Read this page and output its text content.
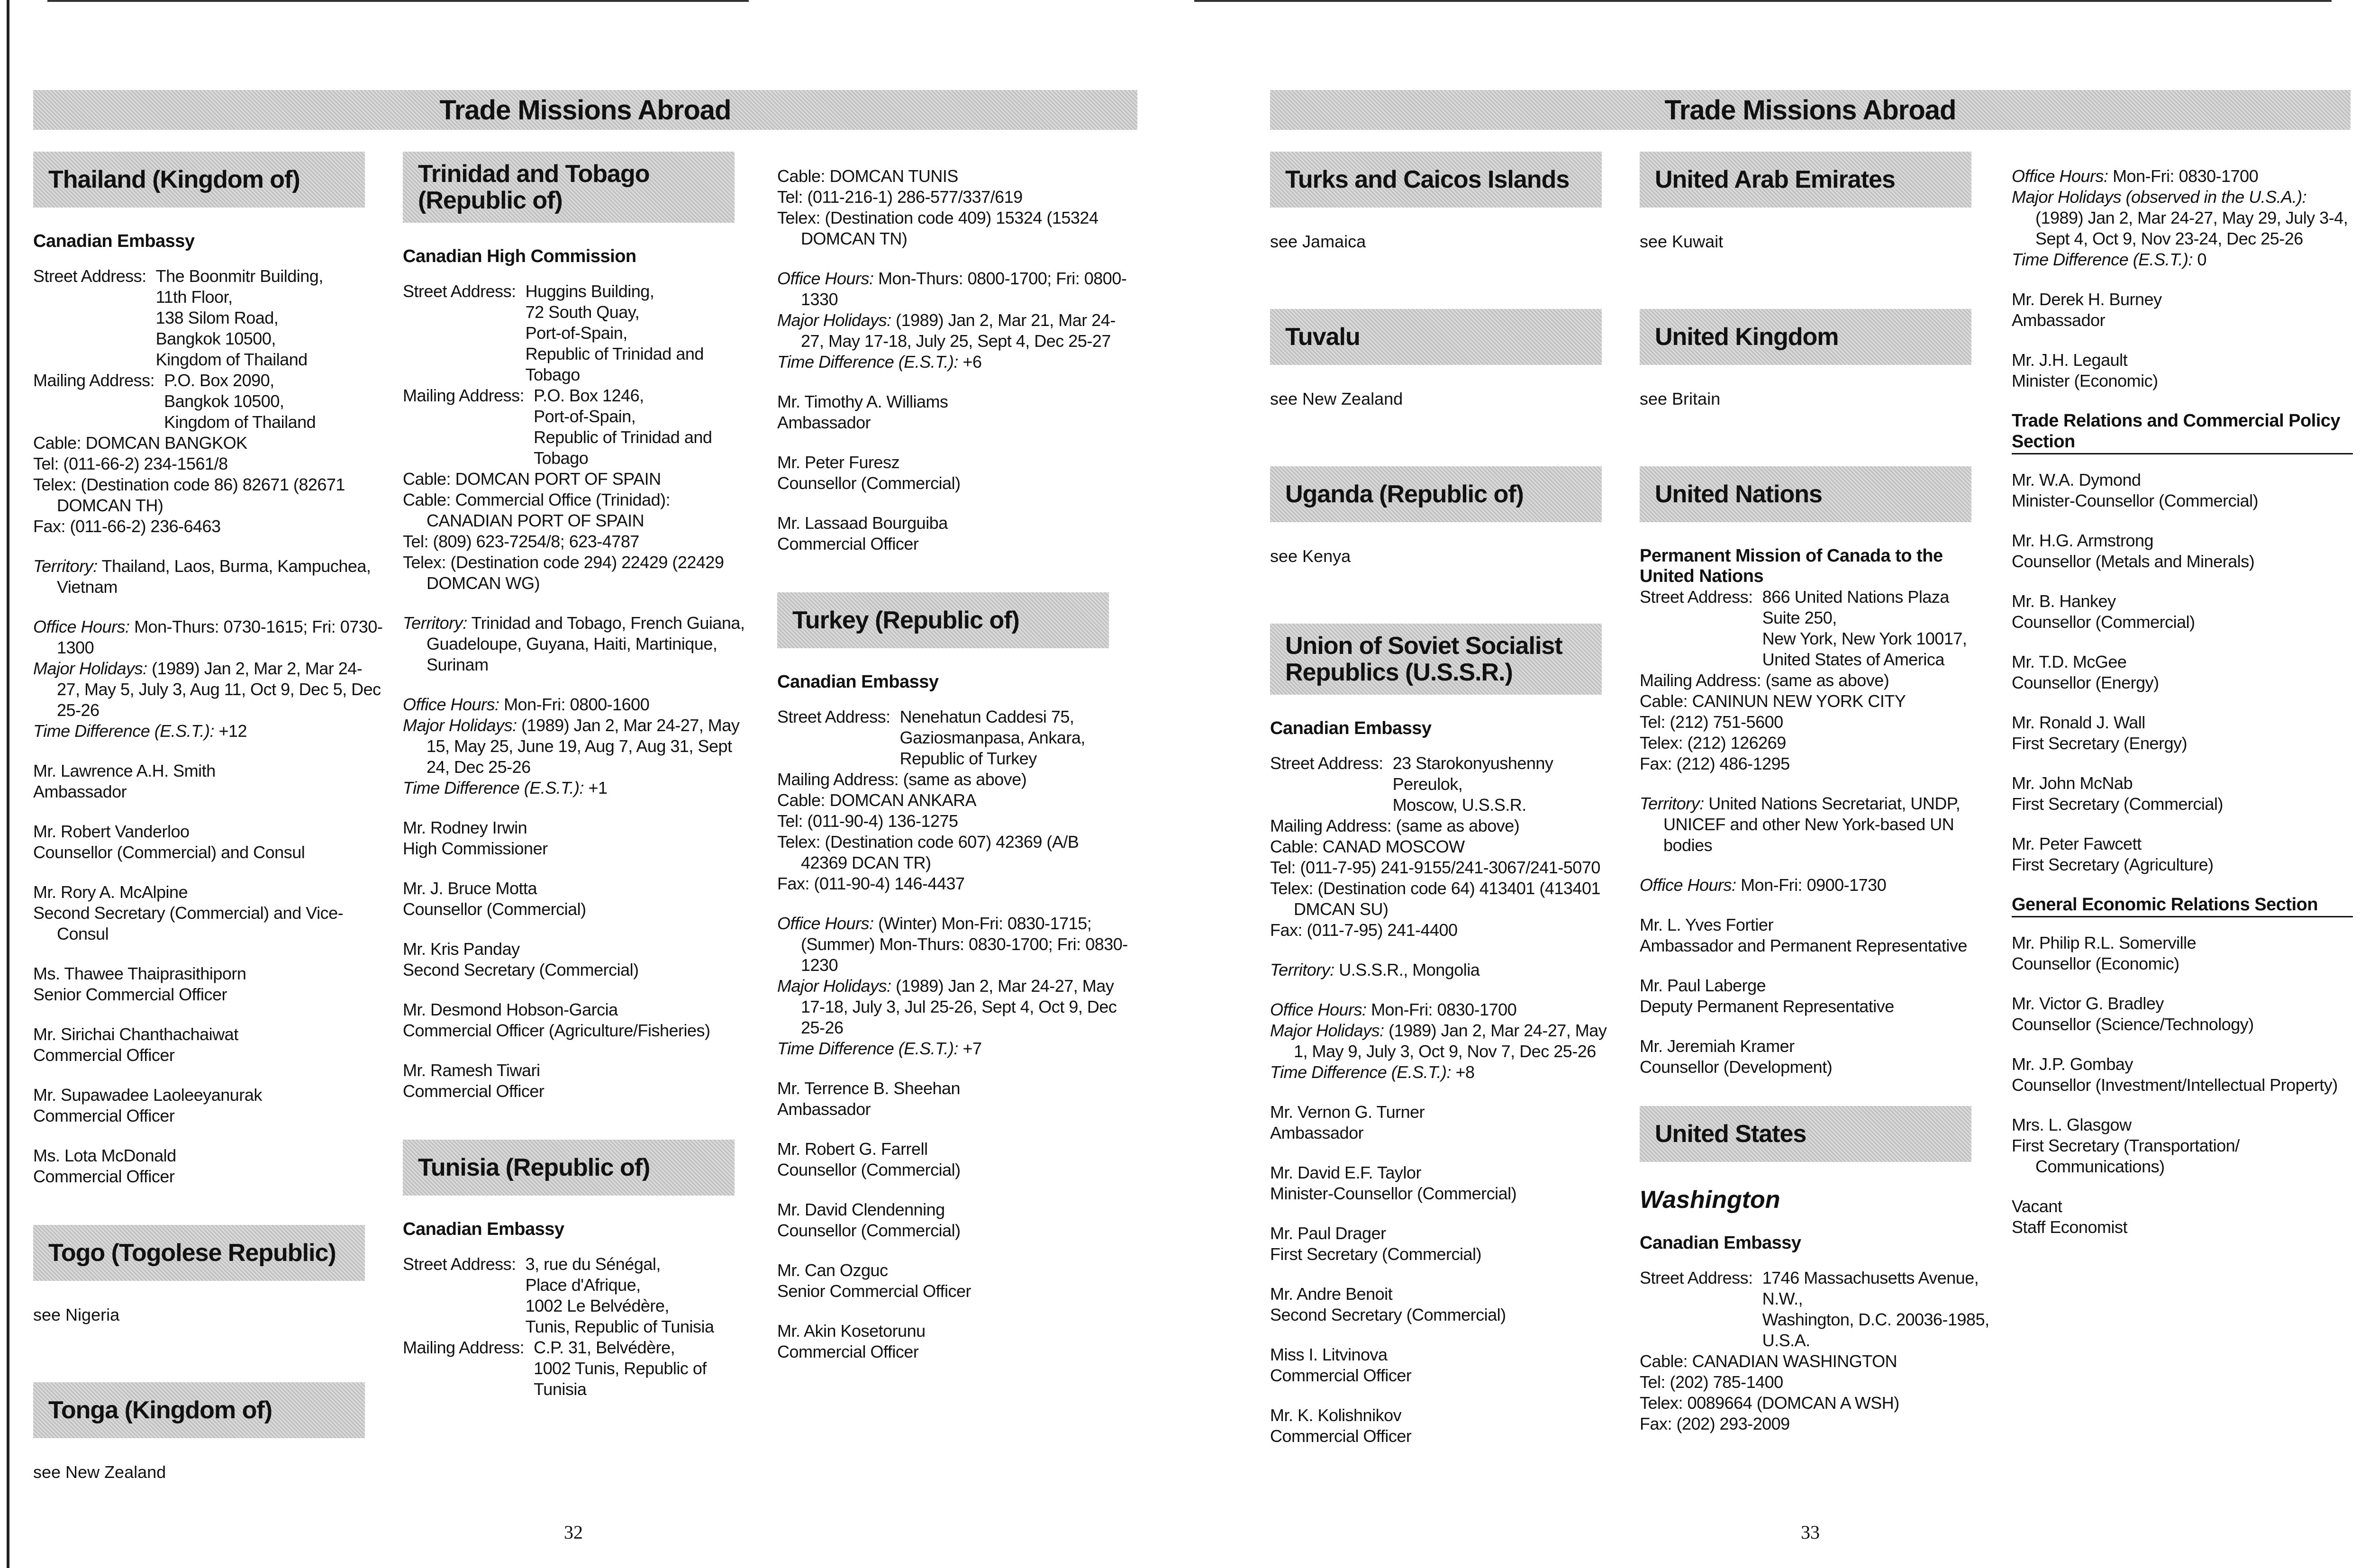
Trade Missions Abroad
Thailand (Kingdom of)
Canadian Embassy
Street Address: The Boonmitr Building,
11th Floor,
138 Silom Road,
Bangkok 10500,
Kingdom of Thailand
Mailing Address: P.O. Box 2090,
Bangkok 10500,
Kingdom of Thailand
Cable: DOMCAN BANGKOK
Tel: (011-66-2) 234-1561/8
Telex: (Destination code 86) 82671 (82671 DOMCAN TH)
Fax: (011-66-2) 236-6463
Territory: Thailand, Laos, Burma, Kampuchea, Vietnam
Office Hours: Mon-Thurs: 0730-1615; Fri: 0730-1300
Major Holidays: (1989) Jan 2, Mar 2, Mar 24-27, May 5, July 3, Aug 11, Oct 9, Dec 5, Dec 25-26
Time Difference (E.S.T.): +12
Mr. Lawrence A.H. Smith
Ambassador
Mr. Robert Vanderloo
Counsellor (Commercial) and Consul
Mr. Rory A. McAlpine
Second Secretary (Commercial) and Vice-Consul
Ms. Thawee Thaiprasithiporn
Senior Commercial Officer
Mr. Sirichai Chanthachaiwat
Commercial Officer
Mr. Supawadee Laoleeyanurak
Commercial Officer
Ms. Lota McDonald
Commercial Officer
Togo (Togolese Republic)
see Nigeria
Tonga (Kingdom of)
see New Zealand
Trinidad and Tobago
(Republic of)
Canadian High Commission
Street Address: Huggins Building,
72 South Quay,
Port-of-Spain,
Republic of Trinidad and
Tobago
Mailing Address: P.O. Box 1246,
Port-of-Spain,
Republic of Trinidad and
Tobago
Cable: DOMCAN PORT OF SPAIN
Cable: Commercial Office (Trinidad): CANADIAN PORT OF SPAIN
Tel: (809) 623-7254/8; 623-4787
Telex: (Destination code 294) 22429 (22429 DOMCAN WG)
Territory: Trinidad and Tobago, French Guiana, Guadeloupe, Guyana, Haiti, Martinique, Surinam
Office Hours: Mon-Fri: 0800-1600
Major Holidays: (1989) Jan 2, Mar 24-27, May 15, May 25, June 19, Aug 7, Aug 31, Sept 24, Dec 25-26
Time Difference (E.S.T.): +1
Mr. Rodney Irwin
High Commissioner
Mr. J. Bruce Motta
Counsellor (Commercial)
Mr. Kris Panday
Second Secretary (Commercial)
Mr. Desmond Hobson-Garcia
Commercial Officer (Agriculture/Fisheries)
Mr. Ramesh Tiwari
Commercial Officer
Tunisia (Republic of)
Canadian Embassy
Street Address: 3, rue du Sénégal,
Place d'Afrique,
1002 Le Belvédère,
Tunis, Republic of Tunisia
Mailing Address: C.P. 31, Belvédère,
1002 Tunis, Republic of
Tunisia
Cable: DOMCAN TUNIS
Tel: (011-216-1) 286-577/337/619
Telex: (Destination code 409) 15324 (15324 DOMCAN TN)
Office Hours: Mon-Thurs: 0800-1700; Fri: 0800-1330
Major Holidays: (1989) Jan 2, Mar 21, Mar 24-27, May 17-18, July 25, Sept 4, Dec 25-27
Time Difference (E.S.T.): +6
Mr. Timothy A. Williams
Ambassador
Mr. Peter Furesz
Counsellor (Commercial)
Mr. Lassaad Bourguiba
Commercial Officer
Turkey (Republic of)
Canadian Embassy
Street Address: Nenehatun Caddesi 75,
Gaziosmanpasa, Ankara,
Republic of Turkey
Mailing Address: (same as above)
Cable: DOMCAN ANKARA
Tel: (011-90-4) 136-1275
Telex: (Destination code 607) 42369 (A/B 42369 DCAN TR)
Fax: (011-90-4) 146-4437
Office Hours: (Winter) Mon-Fri: 0830-1715; (Summer) Mon-Thurs: 0830-1700; Fri: 0830-1230
Major Holidays: (1989) Jan 2, Mar 24-27, May 17-18, July 3, Jul 25-26, Sept 4, Oct 9, Dec 25-26
Time Difference (E.S.T.): +7
Mr. Terrence B. Sheehan
Ambassador
Mr. Robert G. Farrell
Counsellor (Commercial)
Mr. David Clendenning
Counsellor (Commercial)
Mr. Can Ozguc
Senior Commercial Officer
Mr. Akin Kosetorunu
Commercial Officer
32
Trade Missions Abroad
Turks and Caicos Islands
see Jamaica
Tuvalu
see New Zealand
Uganda (Republic of)
see Kenya
Union of Soviet Socialist
Republics (U.S.S.R.)
Canadian Embassy
Street Address: 23 Starokonyushenny
Pereulok,
Moscow, U.S.S.R.
Mailing Address: (same as above)
Cable: CANAD MOSCOW
Tel: (011-7-95) 241-9155/241-3067/241-5070
Telex: (Destination code 64) 413401 (413401 DMCAN SU)
Fax: (011-7-95) 241-4400
Territory: U.S.S.R., Mongolia
Office Hours: Mon-Fri: 0830-1700
Major Holidays: (1989) Jan 2, Mar 24-27, May 1, May 9, July 3, Oct 9, Nov 7, Dec 25-26
Time Difference (E.S.T.): +8
Mr. Vernon G. Turner
Ambassador
Mr. David E.F. Taylor
Minister-Counsellor (Commercial)
Mr. Paul Drager
First Secretary (Commercial)
Mr. Andre Benoit
Second Secretary (Commercial)
Miss I. Litvinova
Commercial Officer
Mr. K. Kolishnikov
Commercial Officer
United Arab Emirates
see Kuwait
United Kingdom
see Britain
United Nations
Permanent Mission of Canada to the
United Nations
Street Address: 866 United Nations Plaza
Suite 250,
New York, New York 10017,
United States of America
Mailing Address: (same as above)
Cable: CANINUN NEW YORK CITY
Tel: (212) 751-5600
Telex: (212) 126269
Fax: (212) 486-1295
Territory: United Nations Secretariat, UNDP, UNICEF and other New York-based UN bodies
Office Hours: Mon-Fri: 0900-1730
Mr. L. Yves Fortier
Ambassador and Permanent Representative
Mr. Paul Laberge
Deputy Permanent Representative
Mr. Jeremiah Kramer
Counsellor (Development)
United States
Washington
Canadian Embassy
Street Address: 1746 Massachusetts Avenue,
N.W.,
Washington, D.C. 20036-1985,
U.S.A.
Cable: CANADIAN WASHINGTON
Tel: (202) 785-1400
Telex: 0089664 (DOMCAN A WSH)
Fax: (202) 293-2009
Office Hours: Mon-Fri: 0830-1700
Major Holidays (observed in the U.S.A.): (1989) Jan 2, Mar 24-27, May 29, July 3-4, Sept 4, Oct 9, Nov 23-24, Dec 25-26
Time Difference (E.S.T.): 0
Mr. Derek H. Burney
Ambassador
Mr. J.H. Legault
Minister (Economic)
Trade Relations and Commercial Policy
Section
Mr. W.A. Dymond
Minister-Counsellor (Commercial)
Mr. H.G. Armstrong
Counsellor (Metals and Minerals)
Mr. B. Hankey
Counsellor (Commercial)
Mr. T.D. McGee
Counsellor (Energy)
Mr. Ronald J. Wall
First Secretary (Energy)
Mr. John McNab
First Secretary (Commercial)
Mr. Peter Fawcett
First Secretary (Agriculture)
General Economic Relations Section
Mr. Philip R.L. Somerville
Counsellor (Economic)
Mr. Victor G. Bradley
Counsellor (Science/Technology)
Mr. J.P. Gombay
Counsellor (Investment/Intellectual Property)
Mrs. L. Glasgow
First Secretary (Transportation/ Communications)
Vacant
Staff Economist
33
